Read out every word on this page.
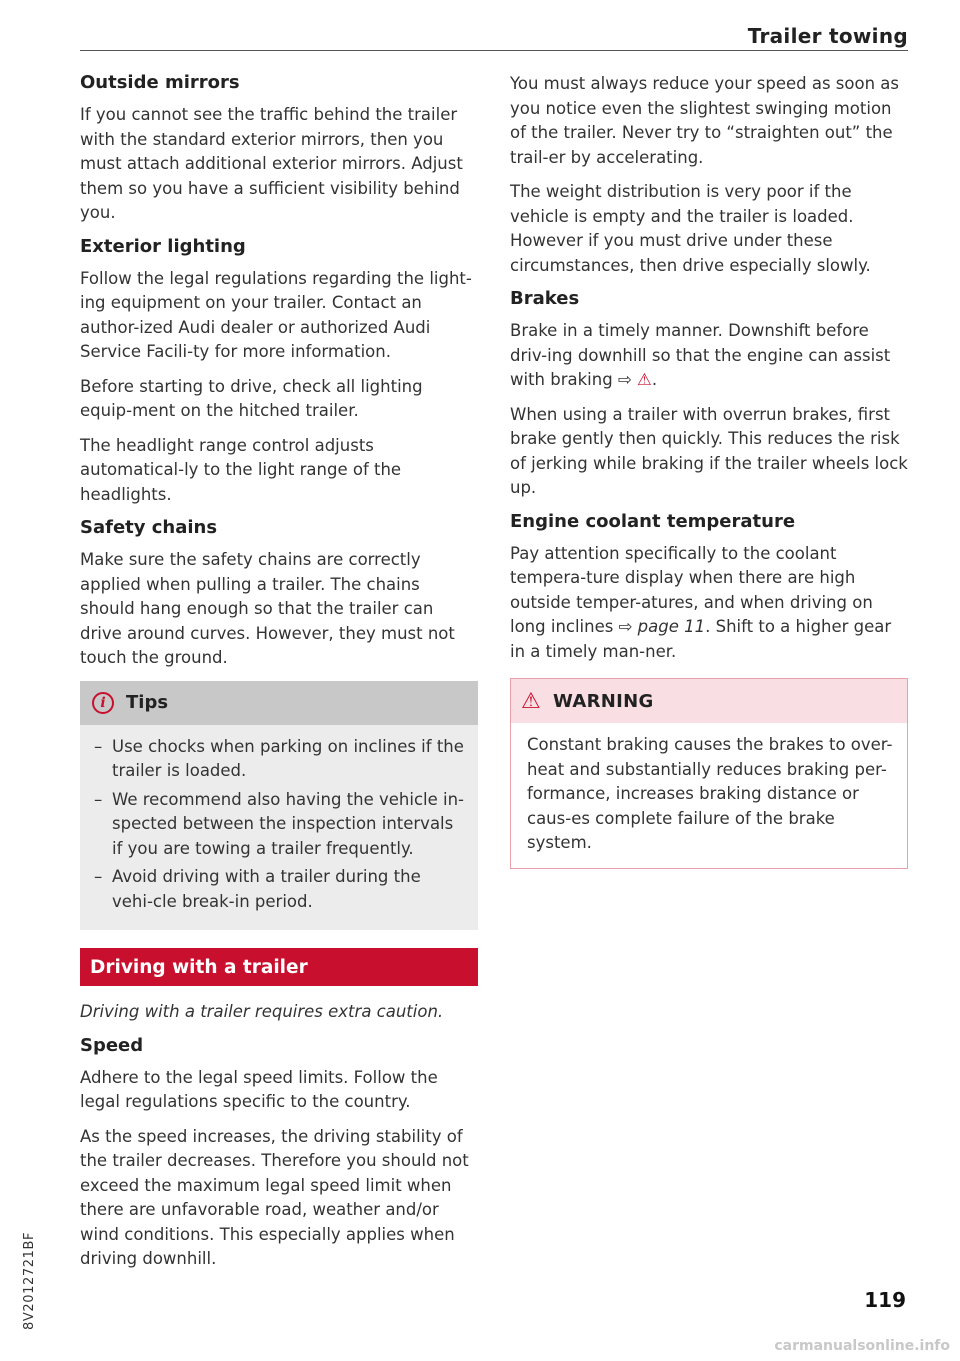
Trailer towing
Outside mirrors

If you cannot see the traffic behind the trailer with the standard exterior mirrors, then you must attach additional exterior mirrors. Adjust them so you have a sufficient visibility behind you.

Exterior lighting

Follow the legal regulations regarding the light-ing equipment on your trailer. Contact an author-ized Audi dealer or authorized Audi Service Facili-ty for more information.

Before starting to drive, check all lighting equip-ment on the hitched trailer.

The headlight range control adjusts automatical-ly to the light range of the headlights.

Safety chains

Make sure the safety chains are correctly applied when pulling a trailer. The chains should hang enough so that the trailer can drive around curves. However, they must not touch the ground.

i	Tips
– Use chocks when parking on inclines if the trailer is loaded.
– We recommend also having the vehicle in-spected between the inspection intervals if you are towing a trailer frequently.
– Avoid driving with a trailer during the vehi-cle break-in period.
Driving with a trailer

Driving with a trailer requires extra caution.

Speed

Adhere to the legal speed limits. Follow the legal regulations specific to the country.

As the speed increases, the driving stability of the trailer decreases. Therefore you should not exceed the maximum legal speed limit when there are unfavorable road, weather and/or wind conditions. This especially applies when driving downhill.

You must always reduce your speed as soon as you notice even the slightest swinging motion of the trailer. Never try to “straighten out” the trail-er by accelerating.

The weight distribution is very poor if the vehicle is empty and the trailer is loaded. However if you must drive under these circumstances, then drive especially slowly.

Brakes

Brake in a timely manner. Downshift before driv-ing downhill so that the engine can assist with braking ⇨ ⚠.

When using a trailer with overrun brakes, first brake gently then quickly. This reduces the risk of jerking while braking if the trailer wheels lock up.

Engine coolant temperature

Pay attention specifically to the coolant tempera-ture display when there are high outside temper-atures, and when driving on long inclines ⇨ page 11. Shift to a higher gear in a timely man-ner.

⚠ WARNING
Constant braking causes the brakes to over-heat and substantially reduces braking per-formance, increases braking distance or caus-es complete failure of the brake system.
8V2012721BF	119
carmanualsonline.info
